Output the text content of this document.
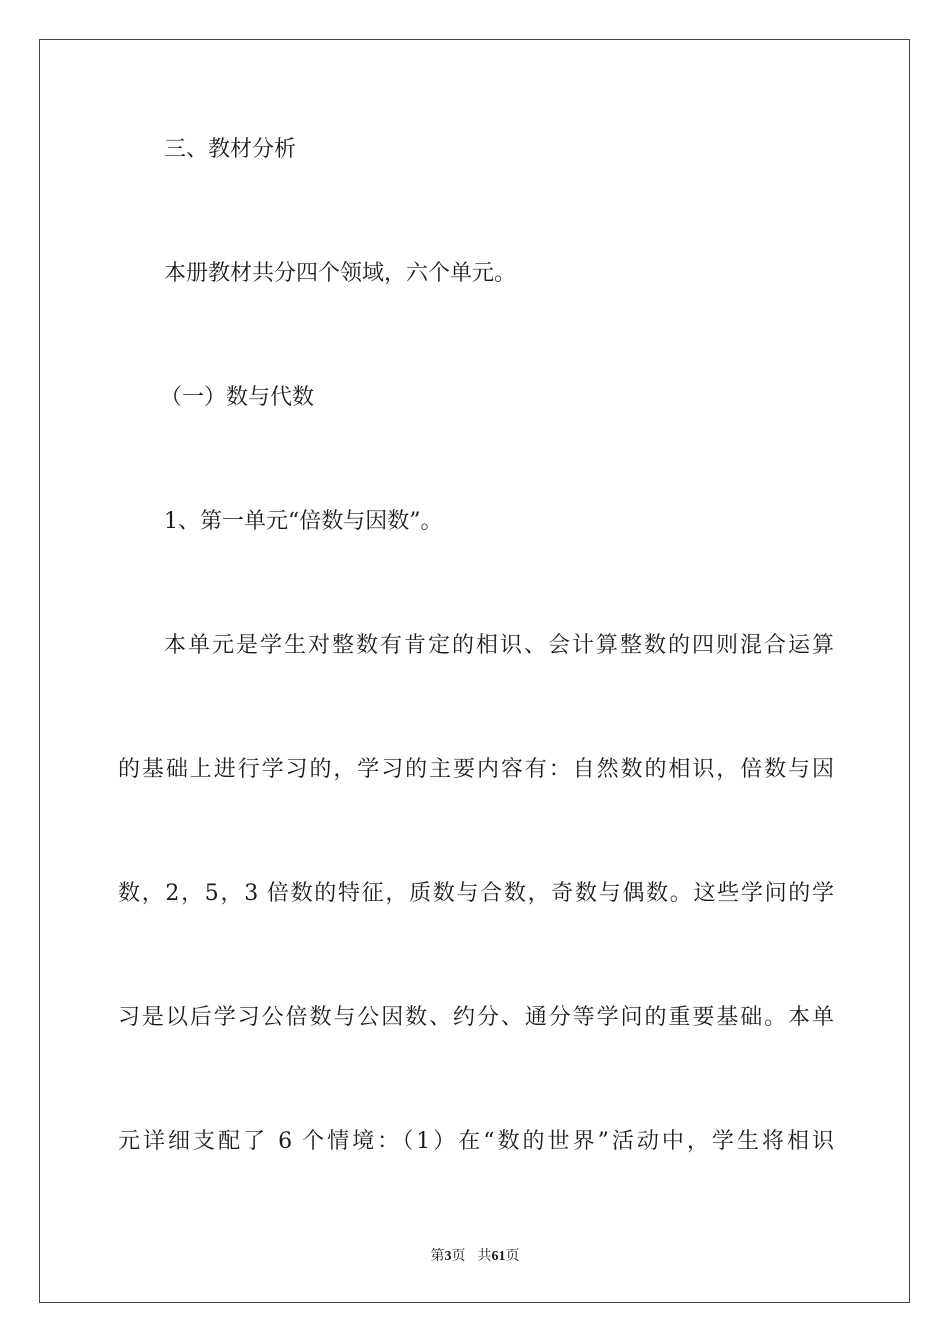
三、教材分析

本册教材共分四个领域，六个单元。

（一）数与代数

1、第一单元“倍数与因数”。

本单元是学生对整数有肯定的相识、会计算整数的四则混合运算

的基础上进行学习的，学习的主要内容有：自然数的相识，倍数与因

数，2，5，3 倍数的特征，质数与合数，奇数与偶数。这些学问的学

习是以后学习公倍数与公因数、约分、通分等学问的重要基础。本单

元详细支配了 6 个情境：（1）在“数的世界”活动中，学生将相识

第3页 共61页
